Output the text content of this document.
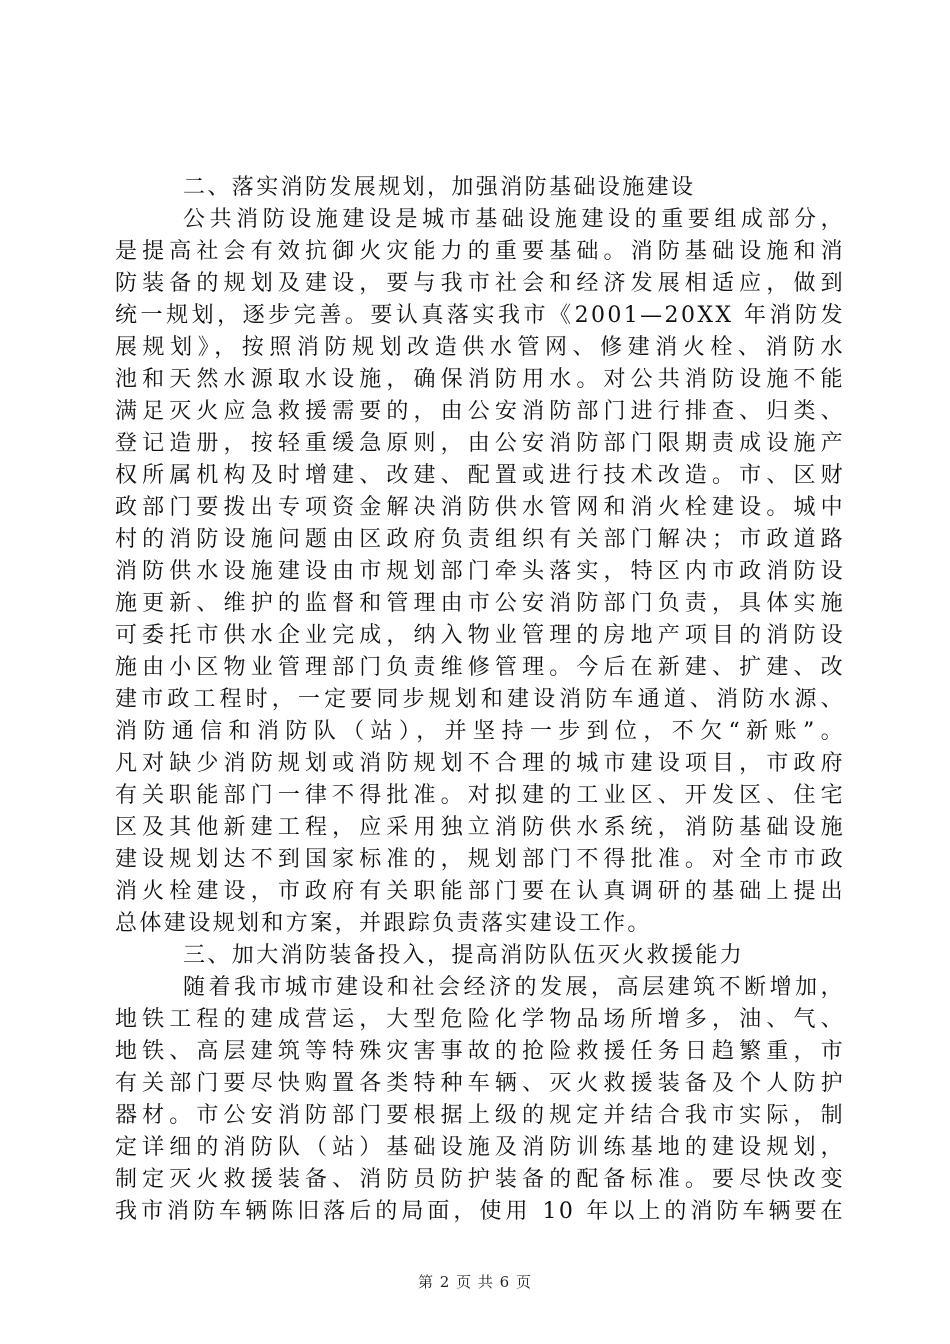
二、落实消防发展规划，加强消防基础设施建设
公共消防设施建设是城市基础设施建设的重要组成部分，
是提高社会有效抗御火灾能力的重要基础。消防基础设施和消
防装备的规划及建设，要与我市社会和经济发展相适应，做到
统一规划，逐步完善。要认真落实我市《2001—20XX 年消防发
展规划》，按照消防规划改造供水管网、修建消火栓、消防水
池和天然水源取水设施，确保消防用水。对公共消防设施不能
满足灭火应急救援需要的，由公安消防部门进行排查、归类、
登记造册，按轻重缓急原则，由公安消防部门限期责成设施产
权所属机构及时增建、改建、配置或进行技术改造。市、区财
政部门要拨出专项资金解决消防供水管网和消火栓建设。城中
村的消防设施问题由区政府负责组织有关部门解决；市政道路
消防供水设施建设由市规划部门牵头落实，特区内市政消防设
施更新、维护的监督和管理由市公安消防部门负责，具体实施
可委托市供水企业完成，纳入物业管理的房地产项目的消防设
施由小区物业管理部门负责维修管理。今后在新建、扩建、改
建市政工程时，一定要同步规划和建设消防车通道、消防水源、
消防通信和消防队（站），并坚持一步到位，不欠“新账”。
凡对缺少消防规划或消防规划不合理的城市建设项目，市政府
有关职能部门一律不得批准。对拟建的工业区、开发区、住宅
区及其他新建工程，应采用独立消防供水系统，消防基础设施
建设规划达不到国家标准的，规划部门不得批准。对全市市政
消火栓建设，市政府有关职能部门要在认真调研的基础上提出
总体建设规划和方案，并跟踪负责落实建设工作。
三、加大消防装备投入，提高消防队伍灭火救援能力
随着我市城市建设和社会经济的发展，高层建筑不断增加，
地铁工程的建成营运，大型危险化学物品场所增多，油、气、
地铁、高层建筑等特殊灾害事故的抢险救援任务日趋繁重，市
有关部门要尽快购置各类特种车辆、灭火救援装备及个人防护
器材。市公安消防部门要根据上级的规定并结合我市实际，制
定详细的消防队（站）基础设施及消防训练基地的建设规划，
制定灭火救援装备、消防员防护装备的配备标准。要尽快改变
我市消防车辆陈旧落后的局面，使用 10 年以上的消防车辆要在
第 2 页 共 6 页
